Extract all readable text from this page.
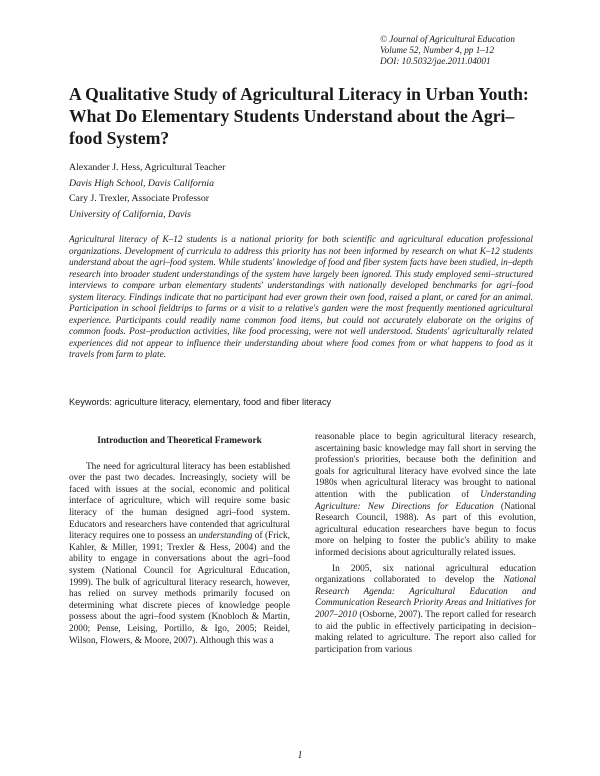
© Journal of Agricultural Education
Volume 52, Number 4, pp 1–12
DOI: 10.5032/jae.2011.04001
A Qualitative Study of Agricultural Literacy in Urban Youth: What Do Elementary Students Understand about the Agri–food System?
Alexander J. Hess, Agricultural Teacher
Davis High School, Davis California
Cary J. Trexler, Associate Professor
University of California, Davis

Agricultural literacy of K–12 students is a national priority for both scientific and agricultural education professional organizations. Development of curricula to address this priority has not been informed by research on what K–12 students understand about the agri–food system. While students' knowledge of food and fiber system facts have been studied, in–depth research into broader student understandings of the system have largely been ignored. This study employed semi–structured interviews to compare urban elementary students' understandings with nationally developed benchmarks for agri–food system literacy. Findings indicate that no participant had ever grown their own food, raised a plant, or cared for an animal. Participation in school fieldtrips to farms or a visit to a relative's garden were the most frequently mentioned agricultural experience. Participants could readily name common food items, but could not accurately elaborate on the origins of common foods. Post–production activities, like food processing, were not well understood. Students' agriculturally related experiences did not appear to influence their understanding about where food comes from or what happens to food as it travels from farm to plate.

Keywords: agriculture literacy, elementary, food and fiber literacy
Introduction and Theoretical Framework

The need for agricultural literacy has been established over the past two decades. Increasingly, society will be faced with issues at the social, economic and political interface of agriculture, which will require some basic literacy of the human designed agri–food system. Educators and researchers have contended that agricultural literacy requires one to possess an understanding of (Frick, Kahler, & Miller, 1991; Trexler & Hess, 2004) and the ability to engage in conversations about the agri–food system (National Council for Agricultural Education, 1999). The bulk of agricultural literacy research, however, has relied on survey methods primarily focused on determining what discrete pieces of knowledge people possess about the agri–food system (Knobloch & Martin, 2000; Pense, Leising, Portillo, & Igo, 2005; Reidel, Wilson, Flowers, & Moore, 2007). Although this was a

reasonable place to begin agricultural literacy research, ascertaining basic knowledge may fall short in serving the profession's priorities, because both the definition and goals for agricultural literacy have evolved since the late 1980s when agricultural literacy was brought to national attention with the publication of Understanding Agriculture: New Directions for Education (National Research Council, 1988). As part of this evolution, agricultural education researchers have begun to focus more on helping to foster the public's ability to make informed decisions about agriculturally related issues.

In 2005, six national agricultural education organizations collaborated to develop the National Research Agenda: Agricultural Education and Communication Research Priority Areas and Initiatives for 2007–2010 (Osborne, 2007). The report called for research to aid the public in effectively participating in decision–making related to agriculture. The report also called for participation from various

1
